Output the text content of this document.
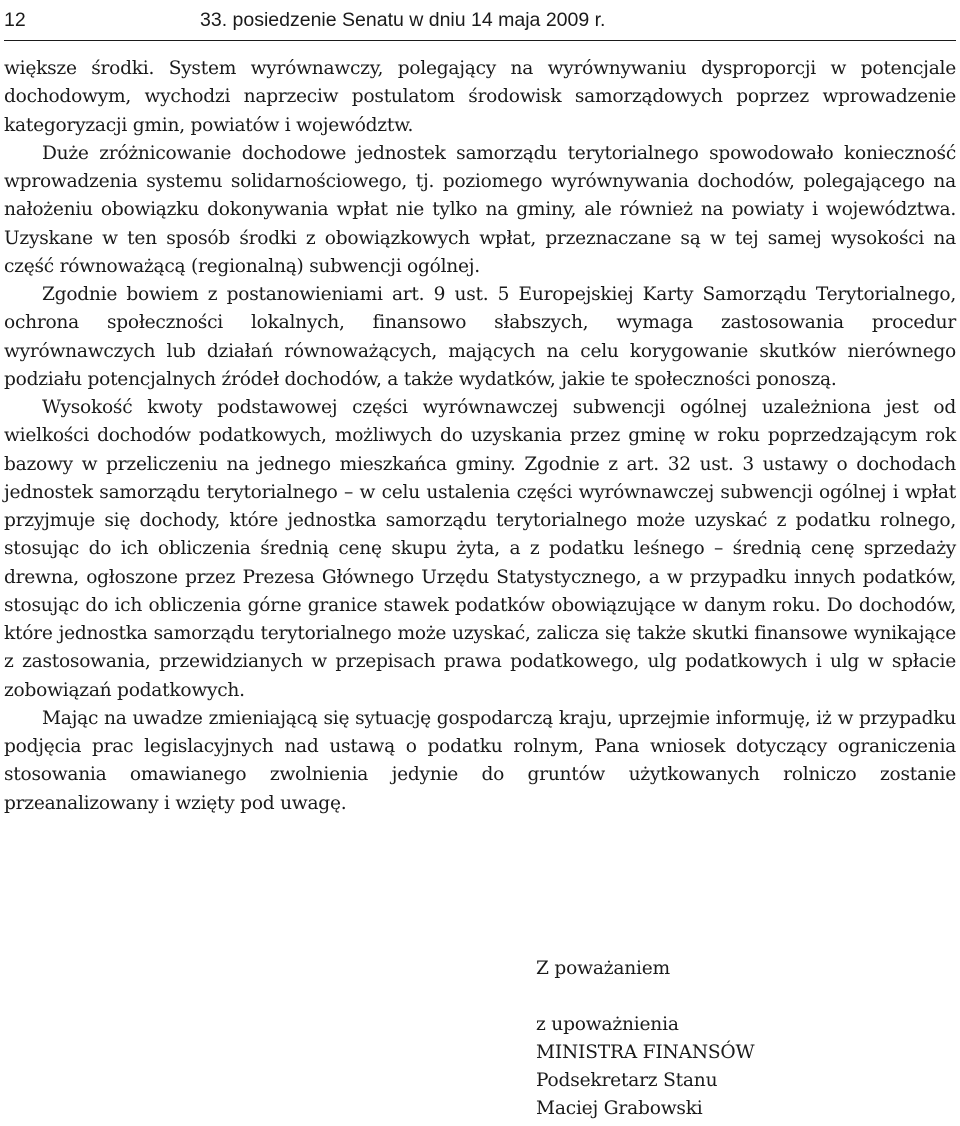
12	33. posiedzenie Senatu w dniu 14 maja 2009 r.

większe środki. System wyrównawczy, polegający na wyrównywaniu dysproporcji w potencjale dochodowym, wychodzi naprzeciw postulatom środowisk samorządowych poprzez wprowadzenie kategoryzacji gmin, powiatów i województw.

Duże zróżnicowanie dochodowe jednostek samorządu terytorialnego spowodowało konieczność wprowadzenia systemu solidarnościowego, tj. poziomego wyrównywania dochodów, polegającego na nałożeniu obowiązku dokonywania wpłat nie tylko na gminy, ale również na powiaty i województwa. Uzyskane w ten sposób środki z obowiązkowych wpłat, przeznaczane są w tej samej wysokości na część równoważącą (regionalną) subwencji ogólnej.

Zgodnie bowiem z postanowieniami art. 9 ust. 5 Europejskiej Karty Samorządu Terytorialnego, ochrona społeczności lokalnych, finansowo słabszych, wymaga zastosowania procedur wyrównawczych lub działań równoważących, mających na celu korygowanie skutków nierównego podziału potencjalnych źródeł dochodów, a także wydatków, jakie te społeczności ponoszą.

Wysokość kwoty podstawowej części wyrównawczej subwencji ogólnej uzależniona jest od wielkości dochodów podatkowych, możliwych do uzyskania przez gminę w roku poprzedzającym rok bazowy w przeliczeniu na jednego mieszkańca gminy. Zgodnie z art. 32 ust. 3 ustawy o dochodach jednostek samorządu terytorialnego – w celu ustalenia części wyrównawczej subwencji ogólnej i wpłat przyjmuje się dochody, które jednostka samorządu terytorialnego może uzyskać z podatku rolnego, stosując do ich obliczenia średnią cenę skupu żyta, a z podatku leśnego – średnią cenę sprzedaży drewna, ogłoszone przez Prezesa Głównego Urzędu Statystycznego, a w przypadku innych podatków, stosując do ich obliczenia górne granice stawek podatków obowiązujące w danym roku. Do dochodów, które jednostka samorządu terytorialnego może uzyskać, zalicza się także skutki finansowe wynikające z zastosowania, przewidzianych w przepisach prawa podatkowego, ulg podatkowych i ulg w spłacie zobowiązań podatkowych.

Mając na uwadze zmieniającą się sytuację gospodarczą kraju, uprzejmie informuję, iż w przypadku podjęcia prac legislacyjnych nad ustawą o podatku rolnym, Pana wniosek dotyczący ograniczenia stosowania omawianego zwolnienia jedynie do gruntów użytkowanych rolniczo zostanie przeanalizowany i wzięty pod uwagę.

Z poważaniem
z upoważnienia
MINISTRA FINANSÓW
Podsekretarz Stanu
Maciej Grabowski
